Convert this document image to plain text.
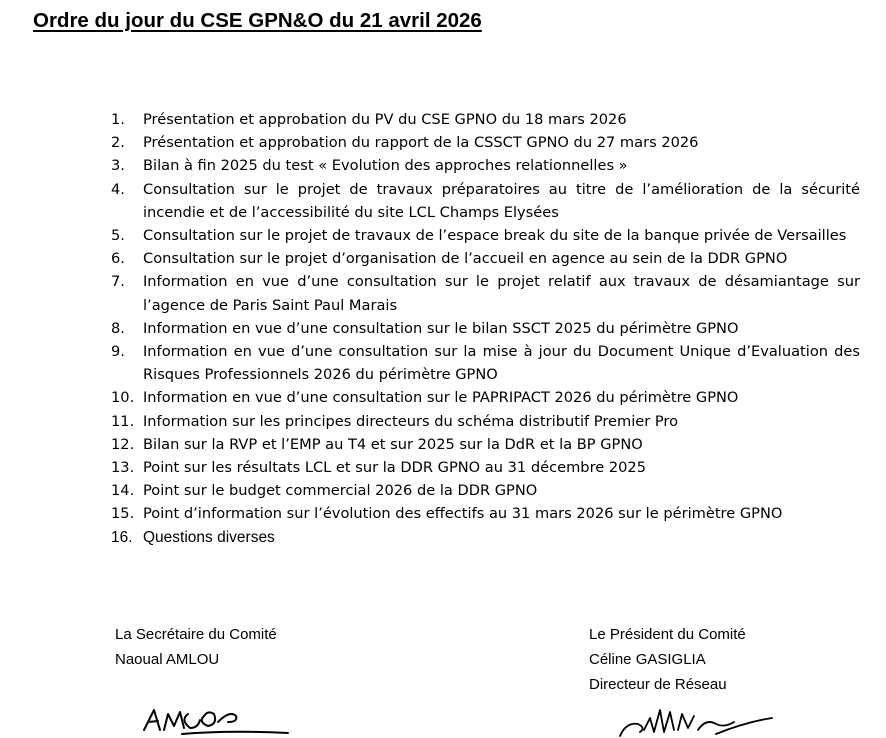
Ordre du jour du CSE GPN&O du 21 avril 2026
1.	Présentation et approbation du PV du CSE GPNO du 18 mars 2026
2.	Présentation et approbation du rapport de la CSSCT GPNO du 27 mars 2026
3.	Bilan à fin 2025 du test « Evolution des approches relationnelles »
4.	Consultation sur le projet de travaux préparatoires au titre de l’amélioration de la sécurité incendie et de l’accessibilité du site LCL Champs Elysées
5.	Consultation sur le projet de travaux de l’espace break du site de la banque privée de Versailles
6.	Consultation sur le projet d’organisation de l’accueil en agence au sein de la DDR GPNO
7.	Information en vue d’une consultation sur le projet relatif aux travaux de désamiantage sur l’agence de Paris Saint Paul Marais
8.	Information en vue d’une consultation sur le bilan SSCT 2025 du périmètre GPNO
9.	Information en vue d’une consultation sur la mise à jour du Document Unique d’Evaluation des Risques Professionnels 2026 du périmètre GPNO
10. Information en vue d’une consultation sur le PAPRIPACT 2026 du périmètre GPNO
11. Information sur les principes directeurs du schéma distributif Premier Pro
12. Bilan sur la RVP et l’EMP au T4 et sur 2025 sur la DdR et la BP GPNO
13. Point sur les résultats LCL et sur la DDR GPNO au 31 décembre 2025
14. Point sur le budget commercial 2026 de la DDR GPNO
15. Point d’information sur l’évolution des effectifs au 31 mars 2026 sur le périmètre GPNO
16. Questions diverses
La Secrétaire du Comité
Naoual AMLOU
Le Président du Comité
Céline GASIGLIA
Directeur de Réseau
